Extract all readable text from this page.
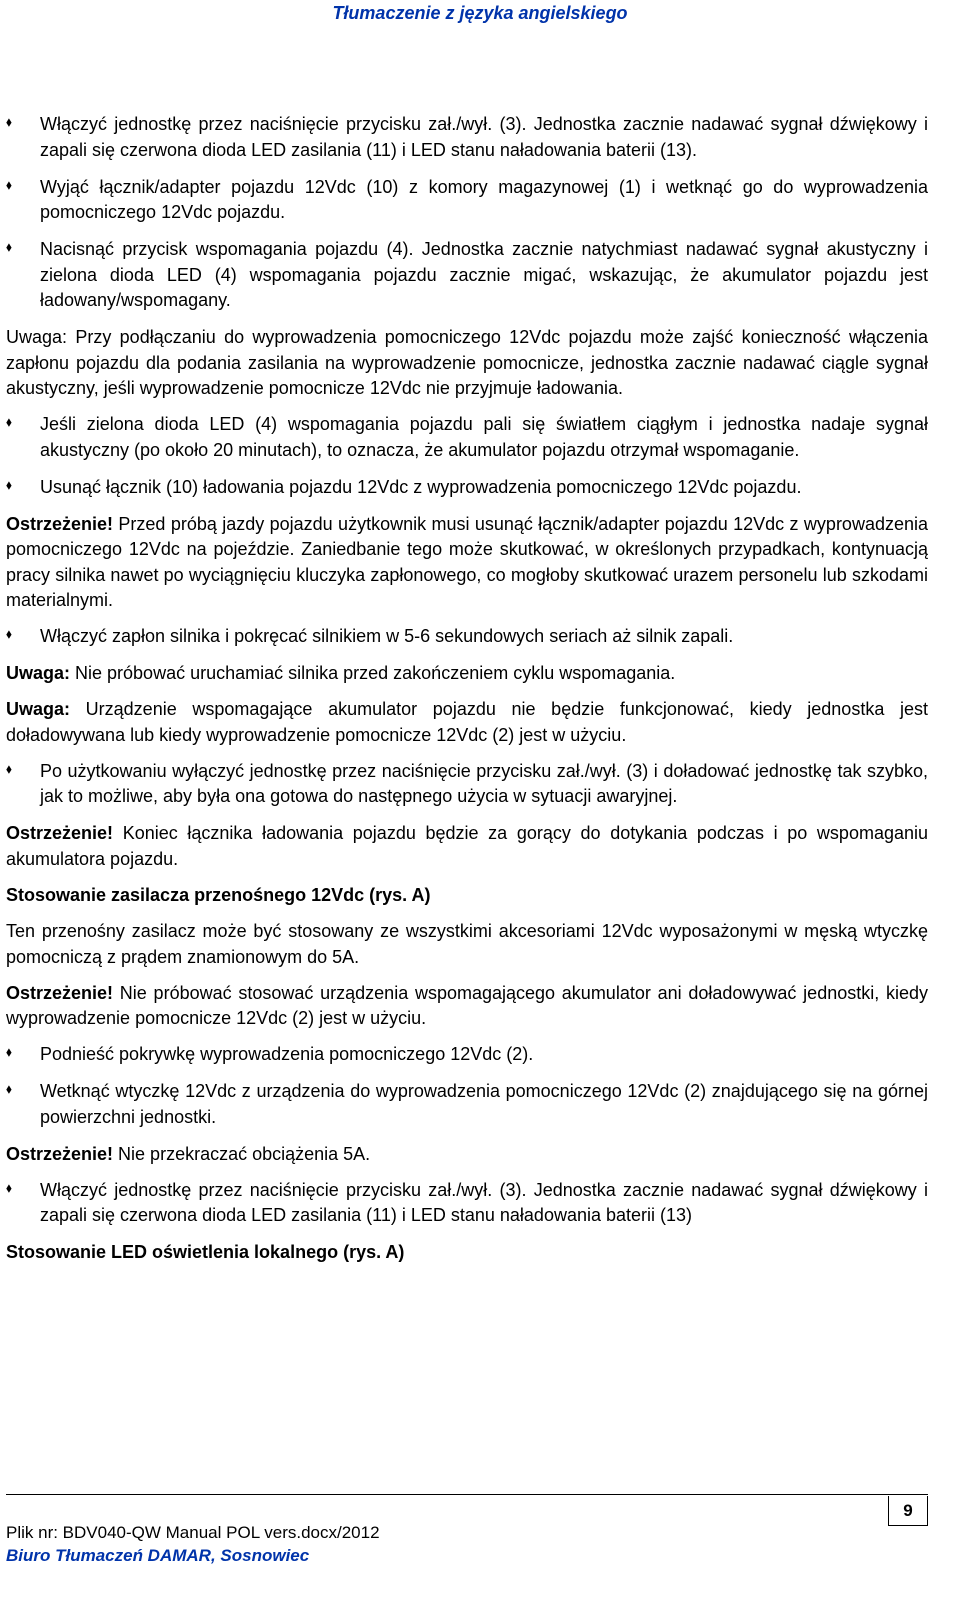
Tłumaczenie z języka angielskiego
⬧ Włączyć jednostkę przez naciśnięcie przycisku zał./wył. (3). Jednostka zacznie nadawać sygnał dźwiękowy i zapali się czerwona dioda LED zasilania (11) i LED stanu naładowania baterii (13).
⬧ Wyjąć łącznik/adapter pojazdu 12Vdc (10) z komory magazynowej (1) i wetknąć go do wyprowadzenia pomocniczego 12Vdc pojazdu.
⬧ Nacisnąć przycisk wspomagania pojazdu (4). Jednostka zacznie natychmiast nadawać sygnał akustyczny i zielona dioda LED (4) wspomagania pojazdu zacznie migać, wskazując, że akumulator pojazdu jest ładowany/wspomagany.
Uwaga: Przy podłączaniu do wyprowadzenia pomocniczego 12Vdc pojazdu może zajść konieczność włączenia zapłonu pojazdu dla podania zasilania na wyprowadzenie pomocnicze, jednostka zacznie nadawać ciągle sygnał akustyczny, jeśli wyprowadzenie pomocnicze 12Vdc nie przyjmuje ładowania.
⬧ Jeśli zielona dioda LED (4) wspomagania pojazdu pali się światłem ciągłym i jednostka nadaje sygnał akustyczny (po około 20 minutach), to oznacza, że akumulator pojazdu otrzymał wspomaganie.
⬧ Usunąć łącznik (10) ładowania pojazdu 12Vdc z wyprowadzenia pomocniczego 12Vdc pojazdu.
Ostrzeżenie! Przed próbą jazdy pojazdu użytkownik musi usunąć łącznik/adapter pojazdu 12Vdc z wyprowadzenia pomocniczego 12Vdc na pojeździe. Zaniedbanie tego może skutkować, w określonych przypadkach, kontynuacją pracy silnika nawet po wyciągnięciu kluczyka zapłonowego, co mogłoby skutkować urazem personelu lub szkodami materialnymi.
⬧ Włączyć zapłon silnika i pokręcać silnikiem w 5-6 sekundowych seriach aż silnik zapali.
Uwaga: Nie próbować uruchamiać silnika przed zakończeniem cyklu wspomagania.
Uwaga: Urządzenie wspomagające akumulator pojazdu nie będzie funkcjonować, kiedy jednostka jest doładowywana lub kiedy wyprowadzenie pomocnicze 12Vdc (2) jest w użyciu.
⬧ Po użytkowaniu wyłączyć jednostkę przez naciśnięcie przycisku zał./wył. (3) i doładować jednostkę tak szybko, jak to możliwe, aby była ona gotowa do następnego użycia w sytuacji awaryjnej.
Ostrzeżenie! Koniec łącznika ładowania pojazdu będzie za gorący do dotykania podczas i po wspomaganiu akumulatora pojazdu.
Stosowanie zasilacza przenośnego 12Vdc (rys. A)
Ten przenośny zasilacz może być stosowany ze wszystkimi akcesoriami 12Vdc wyposażonymi w męską wtyczkę pomocniczą z prądem znamionowym do 5A.
Ostrzeżenie! Nie próbować stosować urządzenia wspomagającego akumulator ani doładowywać jednostki, kiedy wyprowadzenie pomocnicze 12Vdc (2) jest w użyciu.
⬧ Podnieść pokrywkę wyprowadzenia pomocniczego 12Vdc (2).
⬧ Wetknąć wtyczkę 12Vdc z urządzenia do wyprowadzenia pomocniczego 12Vdc (2) znajdującego się na górnej powierzchni jednostki.
Ostrzeżenie! Nie przekraczać obciążenia 5A.
⬧ Włączyć jednostkę przez naciśnięcie przycisku zał./wył. (3). Jednostka zacznie nadawać sygnał dźwiękowy i zapali się czerwona dioda LED zasilania (11) i LED stanu naładowania baterii (13)
Stosowanie LED oświetlenia lokalnego (rys. A)
9
Plik nr: BDV040-QW Manual POL vers.docx/2012
Biuro Tłumaczeń DAMAR, Sosnowiec
